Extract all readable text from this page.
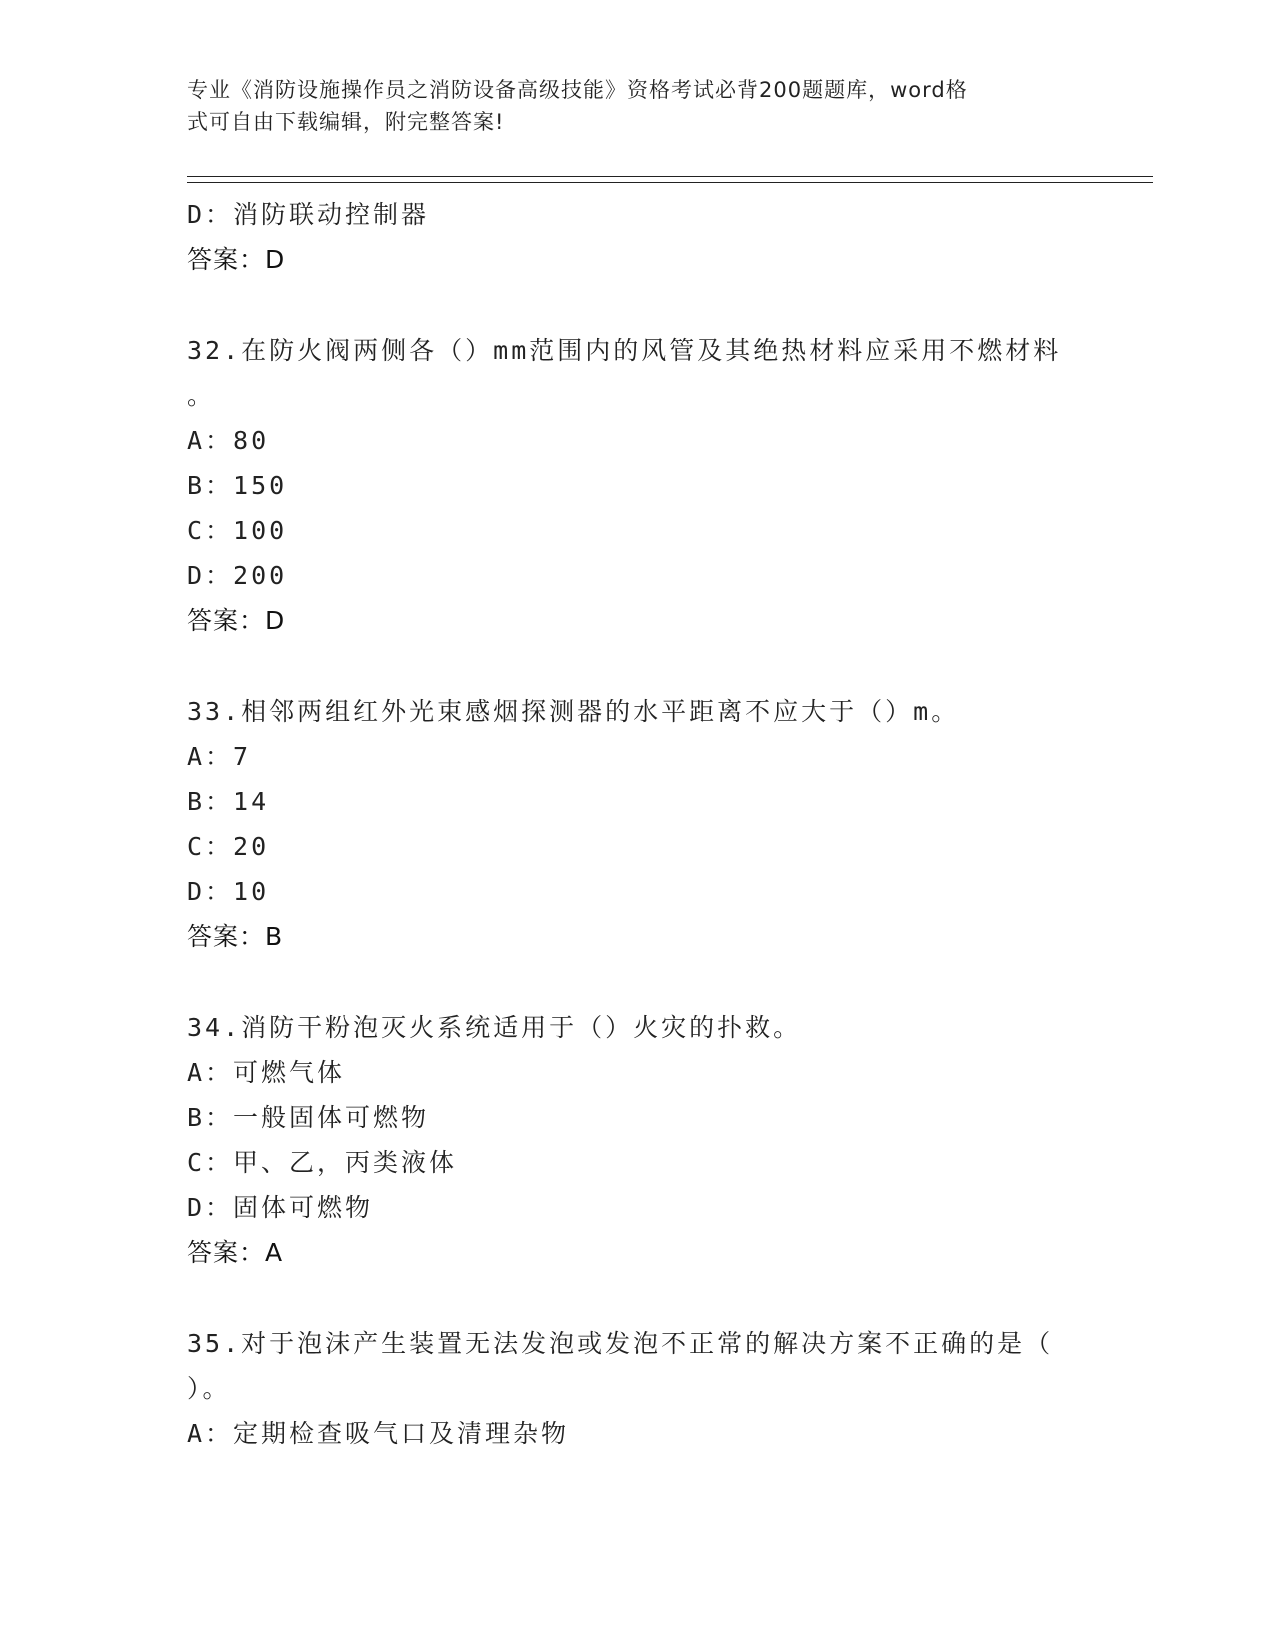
专业《消防设施操作员之消防设备高级技能》资格考试必背200题题库，word格
式可自由下载编辑，附完整答案!
D：消防联动控制器
答案：D
32.在防火阀两侧各（）mm范围内的风管及其绝热材料应采用不燃材料
。
A：80
B：150
C：100
D：200
答案：D
33.相邻两组红外光束感烟探测器的水平距离不应大于（）m。
A：7
B：14
C：20
D：10
答案：B
34.消防干粉泡灭火系统适用于（）火灾的扑救。
A：可燃气体
B：一般固体可燃物
C：甲、乙，丙类液体
D：固体可燃物
答案：A
35.对于泡沫产生装置无法发泡或发泡不正常的解决方案不正确的是（
）。
A：定期检查吸气口及清理杂物
